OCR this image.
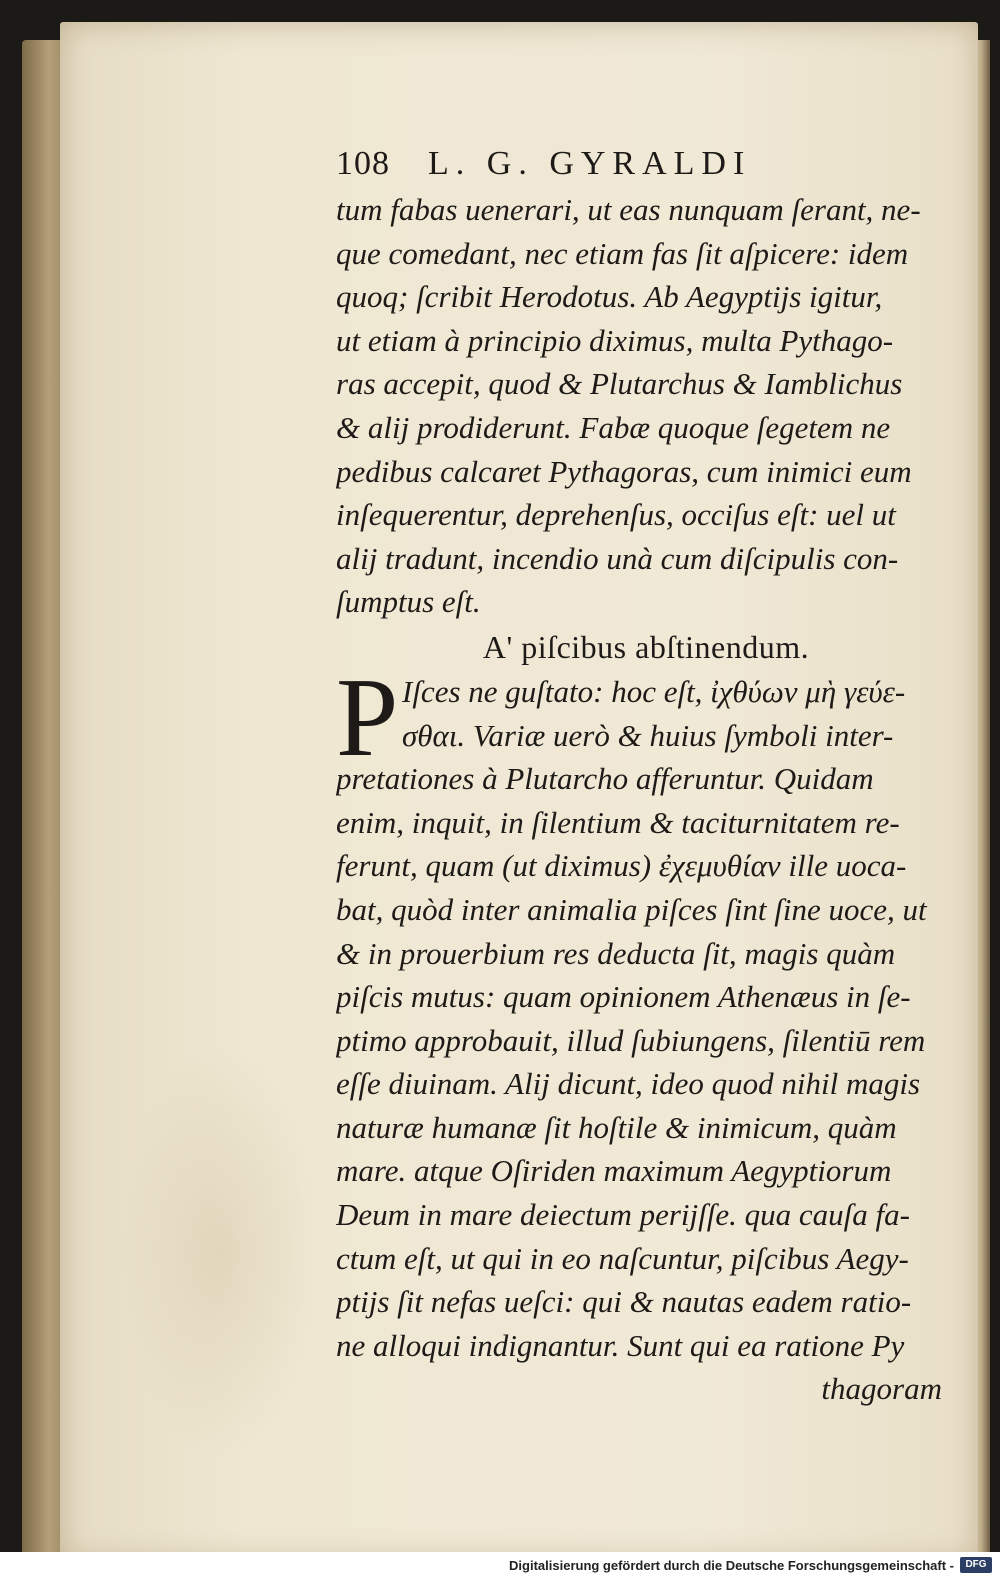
108 L. G. GYRALDI
tum fabas uenerari, ut eas nunquam ſerant, ne-
que comedant, nec etiam fas ſit aſpicere: idem
quoq; ſcribit Herodotus. Ab Aegyptijs igitur,
ut etiam à principio diximus, multa Pythago-
ras accepit, quod & Plutarchus & Iamblichus
& alij prodiderunt. Fabæ quoque ſegetem ne
pedibus calcaret Pythagoras, cum inimici eum
inſequerentur, deprehenſus, occiſus eſt: uel ut
alij tradunt, incendio unà cum diſcipulis con-
ſumptus eſt.
A' piſcibus abſtinendum.
P Iſces ne guſtato: hoc eſt, ἰχθύων μὴ γεύε-
σθαι. Variæ uerò & huius ſymboli inter-
pretationes à Plutarcho afferuntur. Quidam
enim, inquit, in ſilentium & taciturnitatem re-
ferunt, quam (ut diximus) ἐχεμυθίαν ille uoca-
bat, quòd inter animalia piſces ſint ſine uoce, ut
& in prouerbium res deducta ſit, magis quàm
piſcis mutus: quam opinionem Athenæus in ſe-
ptimo approbauit, illud ſubiungens, ſilentiū rem
eſſe diuinam. Alij dicunt, ideo quod nihil magis
naturæ humanæ ſit hoſtile & inimicum, quàm
mare. atque Oſiriden maximum Aegyptiorum
Deum in mare deiectum perijſſe. qua cauſa fa-
ctum eſt, ut qui in eo naſcuntur, piſcibus Aegy-
ptijs ſit nefas ueſci: qui & nautas eadem ratio-
ne alloqui indignantur. Sunt qui ea ratione Py
thagoram
Digitalisierung gefördert durch die Deutsche Forschungsgemeinschaft -	DFG
